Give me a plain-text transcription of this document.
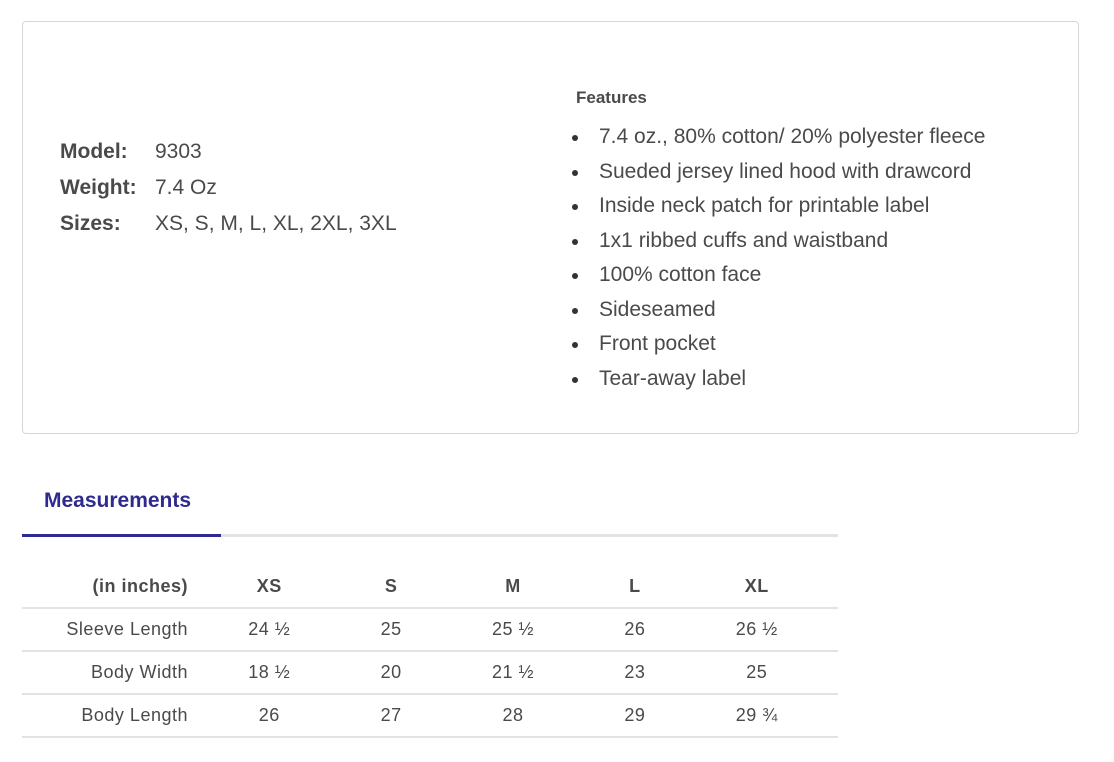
Model:	9303
Weight: 7.4 Oz
Sizes:	XS, S, M, L, XL, 2XL, 3XL
Features
7.4 oz., 80% cotton/ 20% polyester fleece
Sueded jersey lined hood with drawcord
Inside neck patch for printable label
1x1 ribbed cuffs and waistband
100% cotton face
Sideseamed
Front pocket
Tear-away label
Measurements
(in inches)	XS	S	M	L	XL	
Sleeve Length	24 ½	25	25 ½	26	26 ½	
Body Width	18 ½	20	21 ½	23	25	
Body Length	26	27	28	29	29 ¾	
